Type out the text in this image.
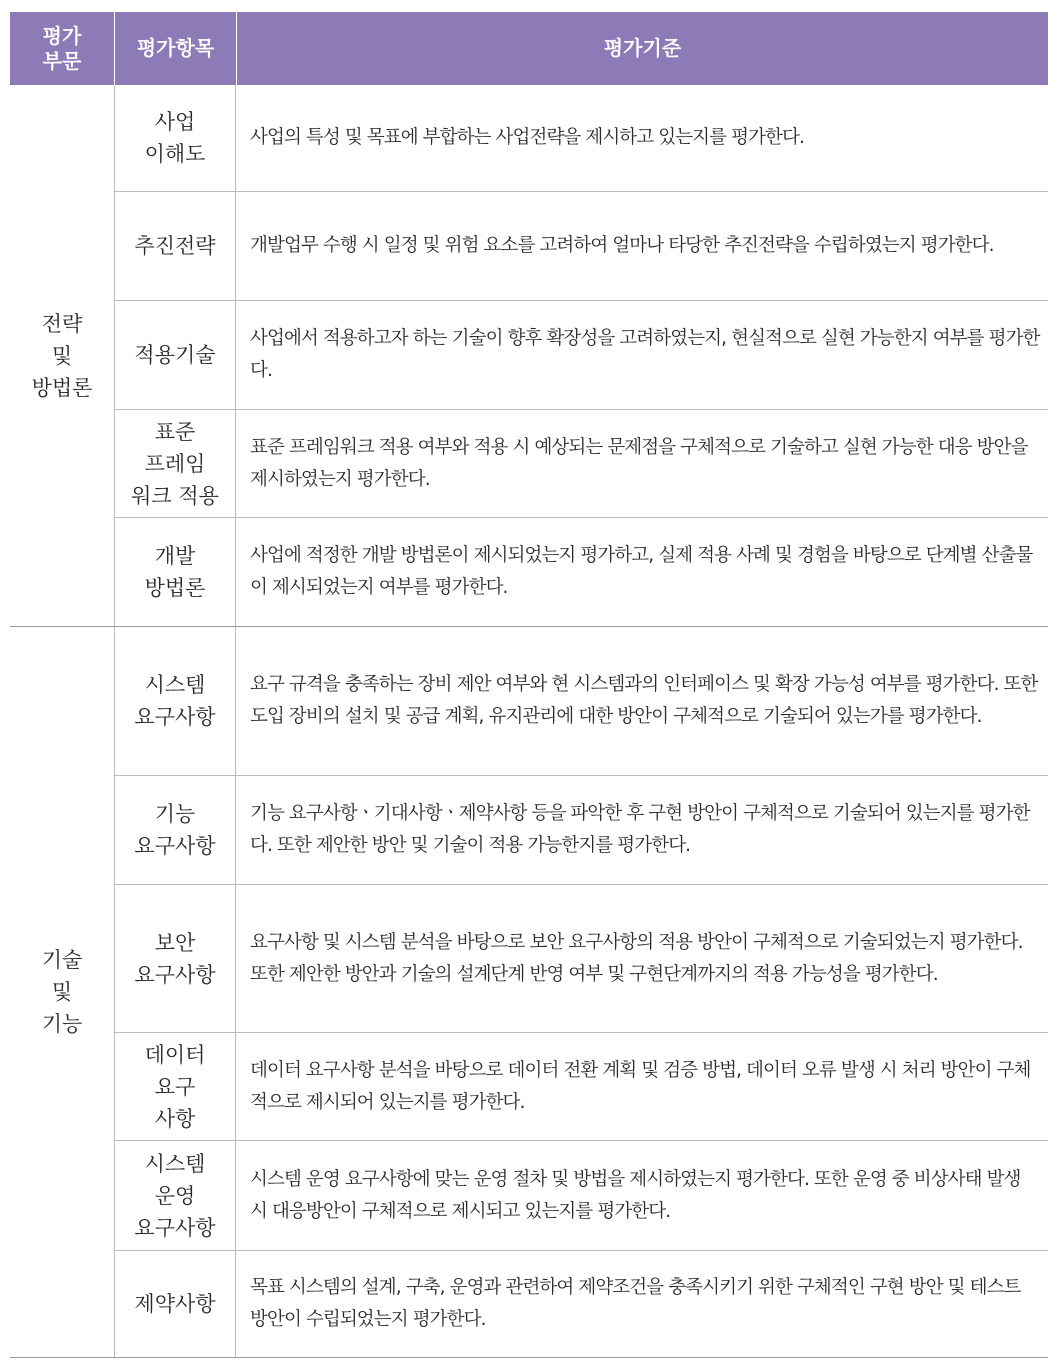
평가
부문
평가항목	평가기준
전략
및
방법론
기술
및
기능
사업
이해도
사업의 특성 및 목표에 부합하는 사업전략을 제시하고 있는지를 평가한다.
추진전략	개발업무 수행 시 일정 및 위험 요소를 고려하여 얼마나 타당한 추진전략을 수립하였는지 평가한다.
적용기술
사업에서 적용하고자 하는 기술이 향후 확장성을 고려하였는지, 현실적으로 실현 가능한지 여부를 평가한다.
표준
프레임
워크 적용
표준 프레임워크 적용 여부와 적용 시 예상되는 문제점을 구체적으로 기술하고 실현 가능한 대응 방안을 제시하였는지 평가한다.
개발
방법론
사업에 적정한 개발 방법론이 제시되었는지 평가하고, 실제 적용 사례 및 경험을 바탕으로 단계별 산출물이 제시되었는지 여부를 평가한다.
시스템
요구사항
요구 규격을 충족하는 장비 제안 여부와 현 시스템과의 인터페이스 및 확장 가능성 여부를 평가한다. 또한 도입 장비의 설치 및 공급 계획, 유지관리에 대한 방안이 구체적으로 기술되어 있는가를 평가한다.
기능
요구사항
기능 요구사항ㆍ기대사항ㆍ제약사항 등을 파악한 후 구현 방안이 구체적으로 기술되어 있는지를 평가한다. 또한 제안한 방안 및 기술이 적용 가능한지를 평가한다.
보안
요구사항
요구사항 및 시스템 분석을 바탕으로 보안 요구사항의 적용 방안이 구체적으로 기술되었는지 평가한다. 또한 제안한 방안과 기술의 설계단계 반영 여부 및 구현단계까지의 적용 가능성을 평가한다.
데이터
요구
사항
데이터 요구사항 분석을 바탕으로 데이터 전환 계획 및 검증 방법, 데이터 오류 발생 시 처리 방안이 구체적으로 제시되어 있는지를 평가한다.
시스템
운영
요구사항
시스템 운영 요구사항에 맞는 운영 절차 및 방법을 제시하였는지 평가한다. 또한 운영 중 비상사태 발생 시 대응방안이 구체적으로 제시되고 있는지를 평가한다.
제약사항
목표 시스템의 설계, 구축, 운영과 관련하여 제약조건을 충족시키기 위한 구체적인 구현 방안 및 테스트 방안이 수립되었는지 평가한다.
